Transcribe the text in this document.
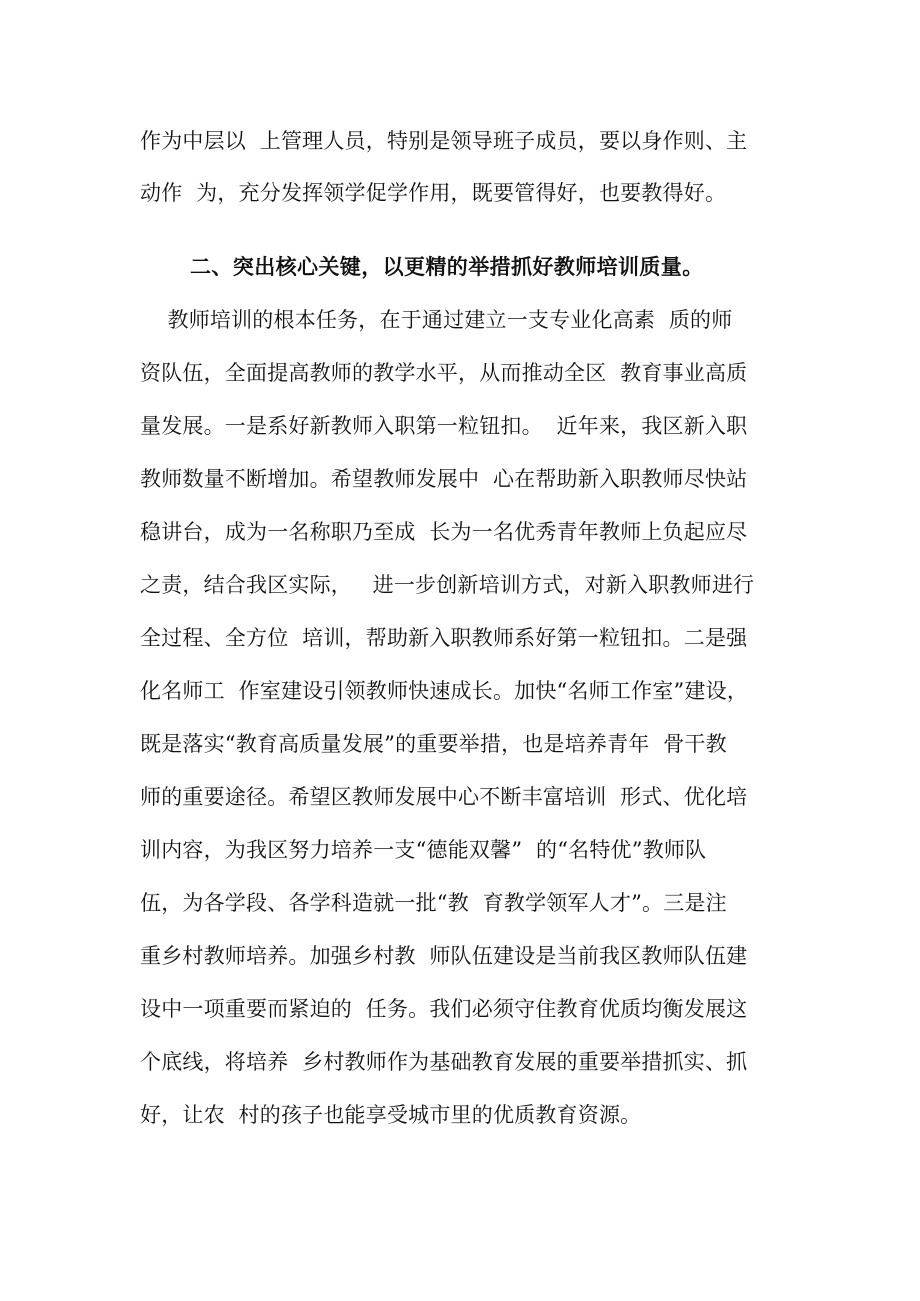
作为中层以  上管理人员，特别是领导班子成员，要以身作则、主
动作  为，充分发挥领学促学作用，既要管得好，也要教得好。
二、突出核心关键，以更精的举措抓好教师培训质量。
教师培训的根本任务，在于通过建立一支专业化高素  质的师
资队伍，全面提高教师的教学水平，从而推动全区  教育事业高质
量发展。一是系好新教师入职第一粒钮扣。  近年来，我区新入职
教师数量不断增加。希望教师发展中  心在帮助新入职教师尽快站
稳讲台，成为一名称职乃至成  长为一名优秀青年教师上负起应尽
之责，结合我区实际，   进一步创新培训方式，对新入职教师进行
全过程、全方位  培训，帮助新入职教师系好第一粒钮扣。二是强
化名师工  作室建设引领教师快速成长。加快“名师工作室”建设，
既是落实“教育高质量发展”的重要举措，也是培养青年  骨干教
师的重要途径。希望区教师发展中心不断丰富培训  形式、优化培
训内容，为我区努力培养一支“德能双馨”  的“名特优”教师队
伍，为各学段、各学科造就一批“教  育教学领军人才”。三是注
重乡村教师培养。加强乡村教  师队伍建设是当前我区教师队伍建
设中一项重要而紧迫的  任务。我们必须守住教育优质均衡发展这
个底线，将培养  乡村教师作为基础教育发展的重要举措抓实、抓
好，让农  村的孩子也能享受城市里的优质教育资源。
